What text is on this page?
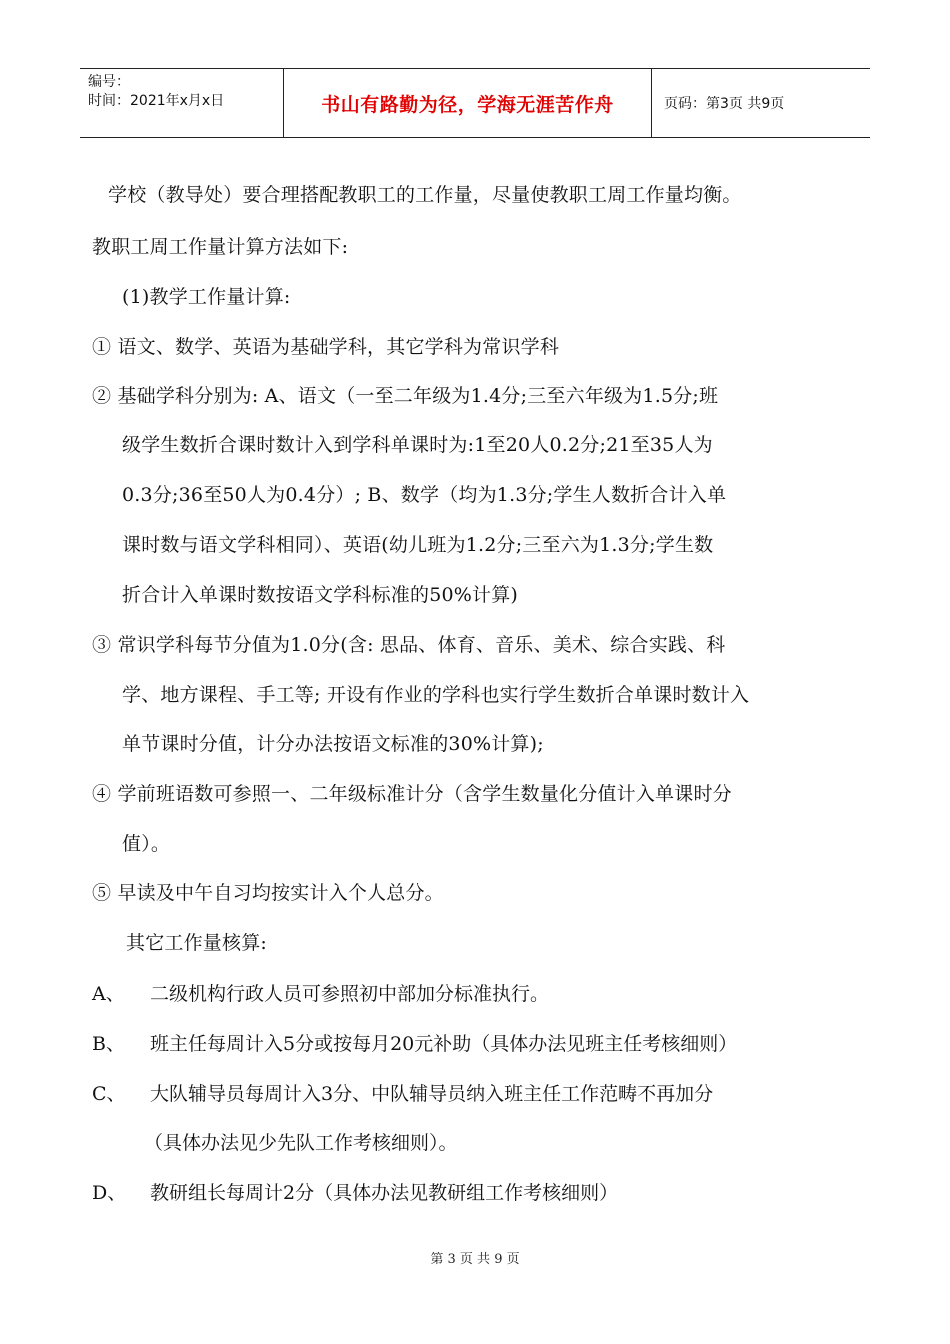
编号：
时间：2021年x月x日	书山有路勤为径，学海无涯苦作舟	页码：第3页 共9页
学校（教导处）要合理搭配教职工的工作量，尽量使教职工周工作量均衡。
教职工周工作量计算方法如下:
(1)教学工作量计算:
① 语文、数学、英语为基础学科，其它学科为常识学科
② 基础学科分别为: A、语文（一至二年级为1.4分;三至六年级为1.5分;班
级学生数折合课时数计入到学科单课时为:1至20人0.2分;21至35人为
0.3分;36至50人为0.4分）; B、数学（均为1.3分;学生人数折合计入单
课时数与语文学科相同）、英语(幼儿班为1.2分;三至六为1.3分;学生数
折合计入单课时数按语文学科标准的50%计算)
③ 常识学科每节分值为1.0分(含: 思品、体育、音乐、美术、综合实践、科
学、地方课程、手工等; 开设有作业的学科也实行学生数折合单课时数计入
单节课时分值，计分办法按语文标准的30%计算);
④ 学前班语数可参照一、二年级标准计分（含学生数量化分值计入单课时分
值）。
⑤ 早读及中午自习均按实计入个人总分。
其它工作量核算:
A、 二级机构行政人员可参照初中部加分标准执行。
B、 班主任每周计入5分或按每月20元补助（具体办法见班主任考核细则）
C、 大队辅导员每周计入3分、中队辅导员纳入班主任工作范畴不再加分
（具体办法见少先队工作考核细则）。
D、 教研组长每周计2分（具体办法见教研组工作考核细则）
第 3 页 共 9 页
